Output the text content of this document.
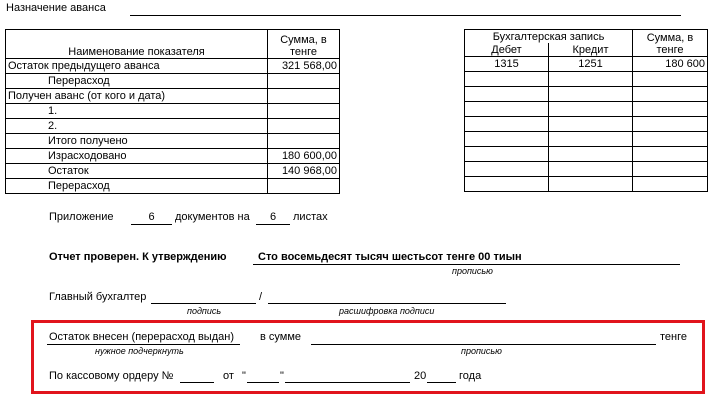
Назначение аванса
Наименование показателя	Сумма, в тенге
Остаток предыдущего аванса	321 568,00
Перерасход	
Получен аванс (от кого и дата)	
1.	
2.	
Итого получено	
Израсходовано	180 600,00
Остаток	140 968,00
Перерасход	
Бухгалтерская запись		Сумма, в тенге
Дебет	Кредит	
1315	1251	180 600

Приложение	6	документов на	6	листах
Отчет проверен. К утверждению	Сто восемьдесят тысяч шестьсот тенге 00 тиын
прописью
Главный бухгалтер
подпись
/
расшифровка подписи
Остаток внесен (перерасход выдан)
нужное подчеркнуть
в сумме
прописью
тенге
По кассовому ордеру №	от "	"	20	года
